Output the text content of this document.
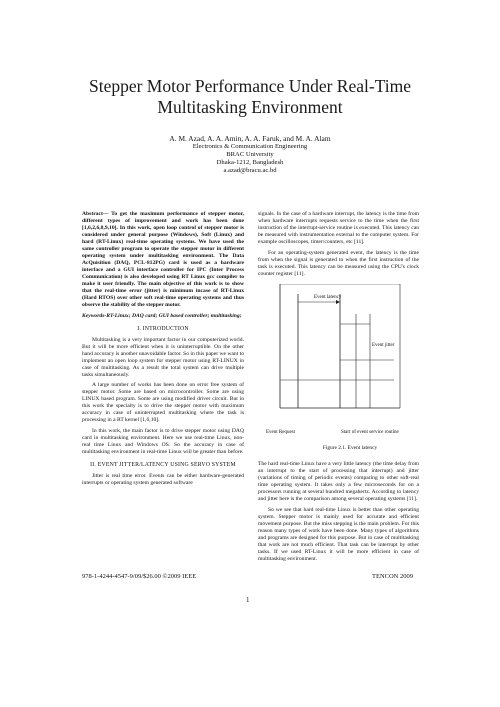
Stepper Motor Performance Under Real-Time Multitasking Environment
A. M. Azad, A. A. Amin, A. A. Faruk, and M. A. Alam
Electronics & Communication Engineering
BRAC University
Dhaka-1212, Bangladesh
a.azad@bracu.ac.bd

Abstract— To get the maximum performance of stepper motor, different types of improvement and work has been done [1,6,2,6,8,9,10]. In this work, open loop control of stepper motor is considered under general purpose (Windows), Soft (Linux) and hard (RT-Linux) real-time operating systems. We have used the same controller program to operate the stepper motor in different operating system under multitasking environment. The Data AcQuisition (DAQ, PCL-812PG) card is used as a hardware interface and a GUI interface controller for IPC (Inter Process Communication) is also developed using RT Linux gcc compiler to make it user friendly. The main objective of this work is to show that the real-time error (jitter) is minimum incase of RT-Linux (Hard RTOS) over other soft real-time operating systems and thus observe the stability of the stepper motor.

Keywords-RT-Linux; DAQ card; GUI based controller; multitasking;

I. INTRODUCTION

Multitasking is a very important factor in our computerized world. But it will be more efficient when it is uninterruptible. On the other hand accuracy is another unavoidable factor. So in this paper we want to implement an open loop system for stepper motor using RT-LINUX in case of multitasking. As a result the total system can drive multiple tasks simultaneously.

A large number of works has been done on error free system of stepper motor. Some are based on microcontroller. Some are using LINUX based program. Some are using modified driver circuit. But in this work the specialty is to drive the stepper motor with maximum accuracy in case of uninterrupted multitasking where the task is processing in a RT kernel [1,6,10].

In this work, the main factor is to drive stepper motor using DAQ card in multitasking environment. Here we use real-time Linux, non-real time Linux and Windows OS. So the accuracy in case of multitasking environment in real-time Linux will be greater than before.

II. EVENT JITTER/LATENCY USING SERVO SYSTEM

Jitter is real time error. Events can be either hardware-generated interrupts or operating system generated software

signals. In the case of a hardware interrupt, the latency is the time from when hardware interrupts requests service to the time when the first instruction of the interrupt-service routine is executed. This latency can be measured with instrumentation external to the computer system. For example oscilloscopes, timer/counters, etc [11].

For an operating-system generated event, the latency is the time from when the signal is generated to when the first instruction of the task is executed. This latency can be measured using the CPU's clock counter register [11].

Event latency
Event jitter
Event Request	Start of event service routine
Figure 2.1. Event latency

The hard real-time Linux have a very little latency (the time delay from an interrupt to the start of processing that interrupt) and jitter (variations of timing of periodic events) comparing to other soft-real time operating system. It takes only a few microseconds for on a processors running at several hundred megahertz. According to latency and jitter here is the comparison among several operating systems [11].

So we see that hard real-time Linux is better than other operating system. Stepper motor is mainly used for accurate and efficient movement purpose. But the miss stepping is the main problem. For this reason many types of work have been done. Many types of algorithms and programs are designed for this purpose. But in case of multitasking that work are not much efficient. That task can be interrupt by other tasks. If we used RT-Linux it will be more efficient in case of multitasking environment.

978-1-4244-4547-9/09/$26.00 ©2009 IEEE	TENCON 2009
1
